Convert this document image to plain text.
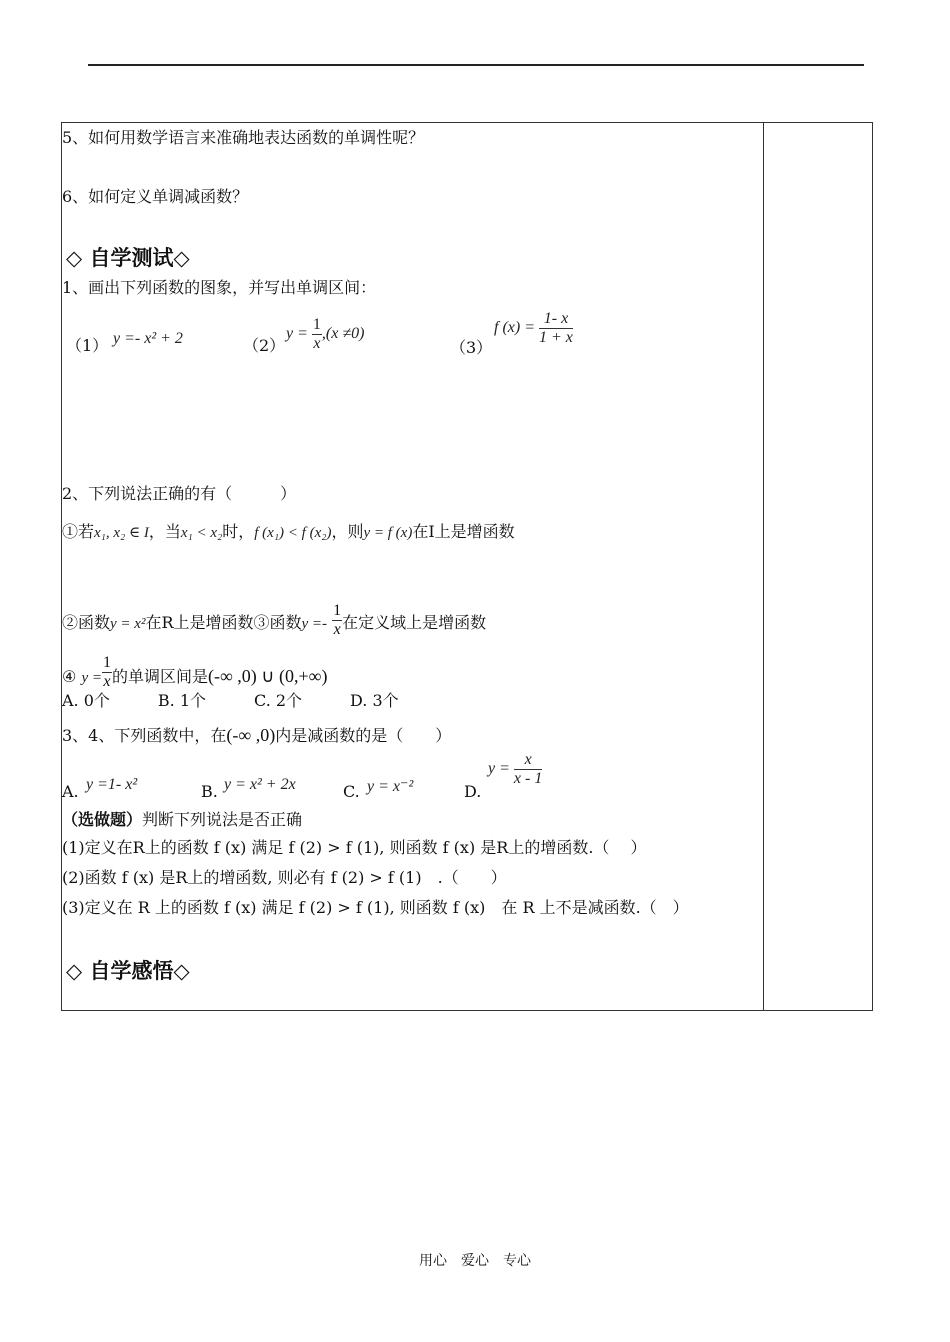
5、如何用数学语言来准确地表达函数的单调性呢？
6、如何定义单调减函数？
◇ 自学测试◇
1、画出下列函数的图象，并写出单调区间：
（1） y =- x² + 2	（2）
$y = \frac{1}{x} ,(x \ne 0)$
（3）
f $(x) = \frac{1- x}{1 + x}$
2、下列说法正确的有（　　　）
①若x₁, x₂ ∈ I，当x₁ < x₂时，f (x₁) < f (x₂)，则y = f (x)在I上是增函数
②函数y = x²在R上是增函数③函数$y =- \frac{1}{x}$ 在定义域上是增函数
④ $y = \frac{1}{x}$ 的单调区间是(-∞ ,0) ∪ (0,+∞)
A. 0个　　　B. 1个　　　C. 2个　　　D. 3个
3、4、下列函数中，在(-∞ ,0)内是减函数的是（　　）
A. y =1- x²	B. y = x² + 2x	C. y = x⁻²	D.
$y = \frac{x}{x - 1}$
（选做题）判断下列说法是否正确
(1)定义在R上的函数 f (x) 满足 f (2) > f (1), 则函数 f (x) 是R上的增函数.（　 ）
(2)函数 f (x) 是R上的增函数, 则必有 f (2) > f (1)　.（　　）
(3)定义在 R 上的函数 f (x) 满足 f (2) > f (1), 则函数 f (x)　在 R 上不是减函数.（　）
◇ 自学感悟◇
用心　爱心　专心
